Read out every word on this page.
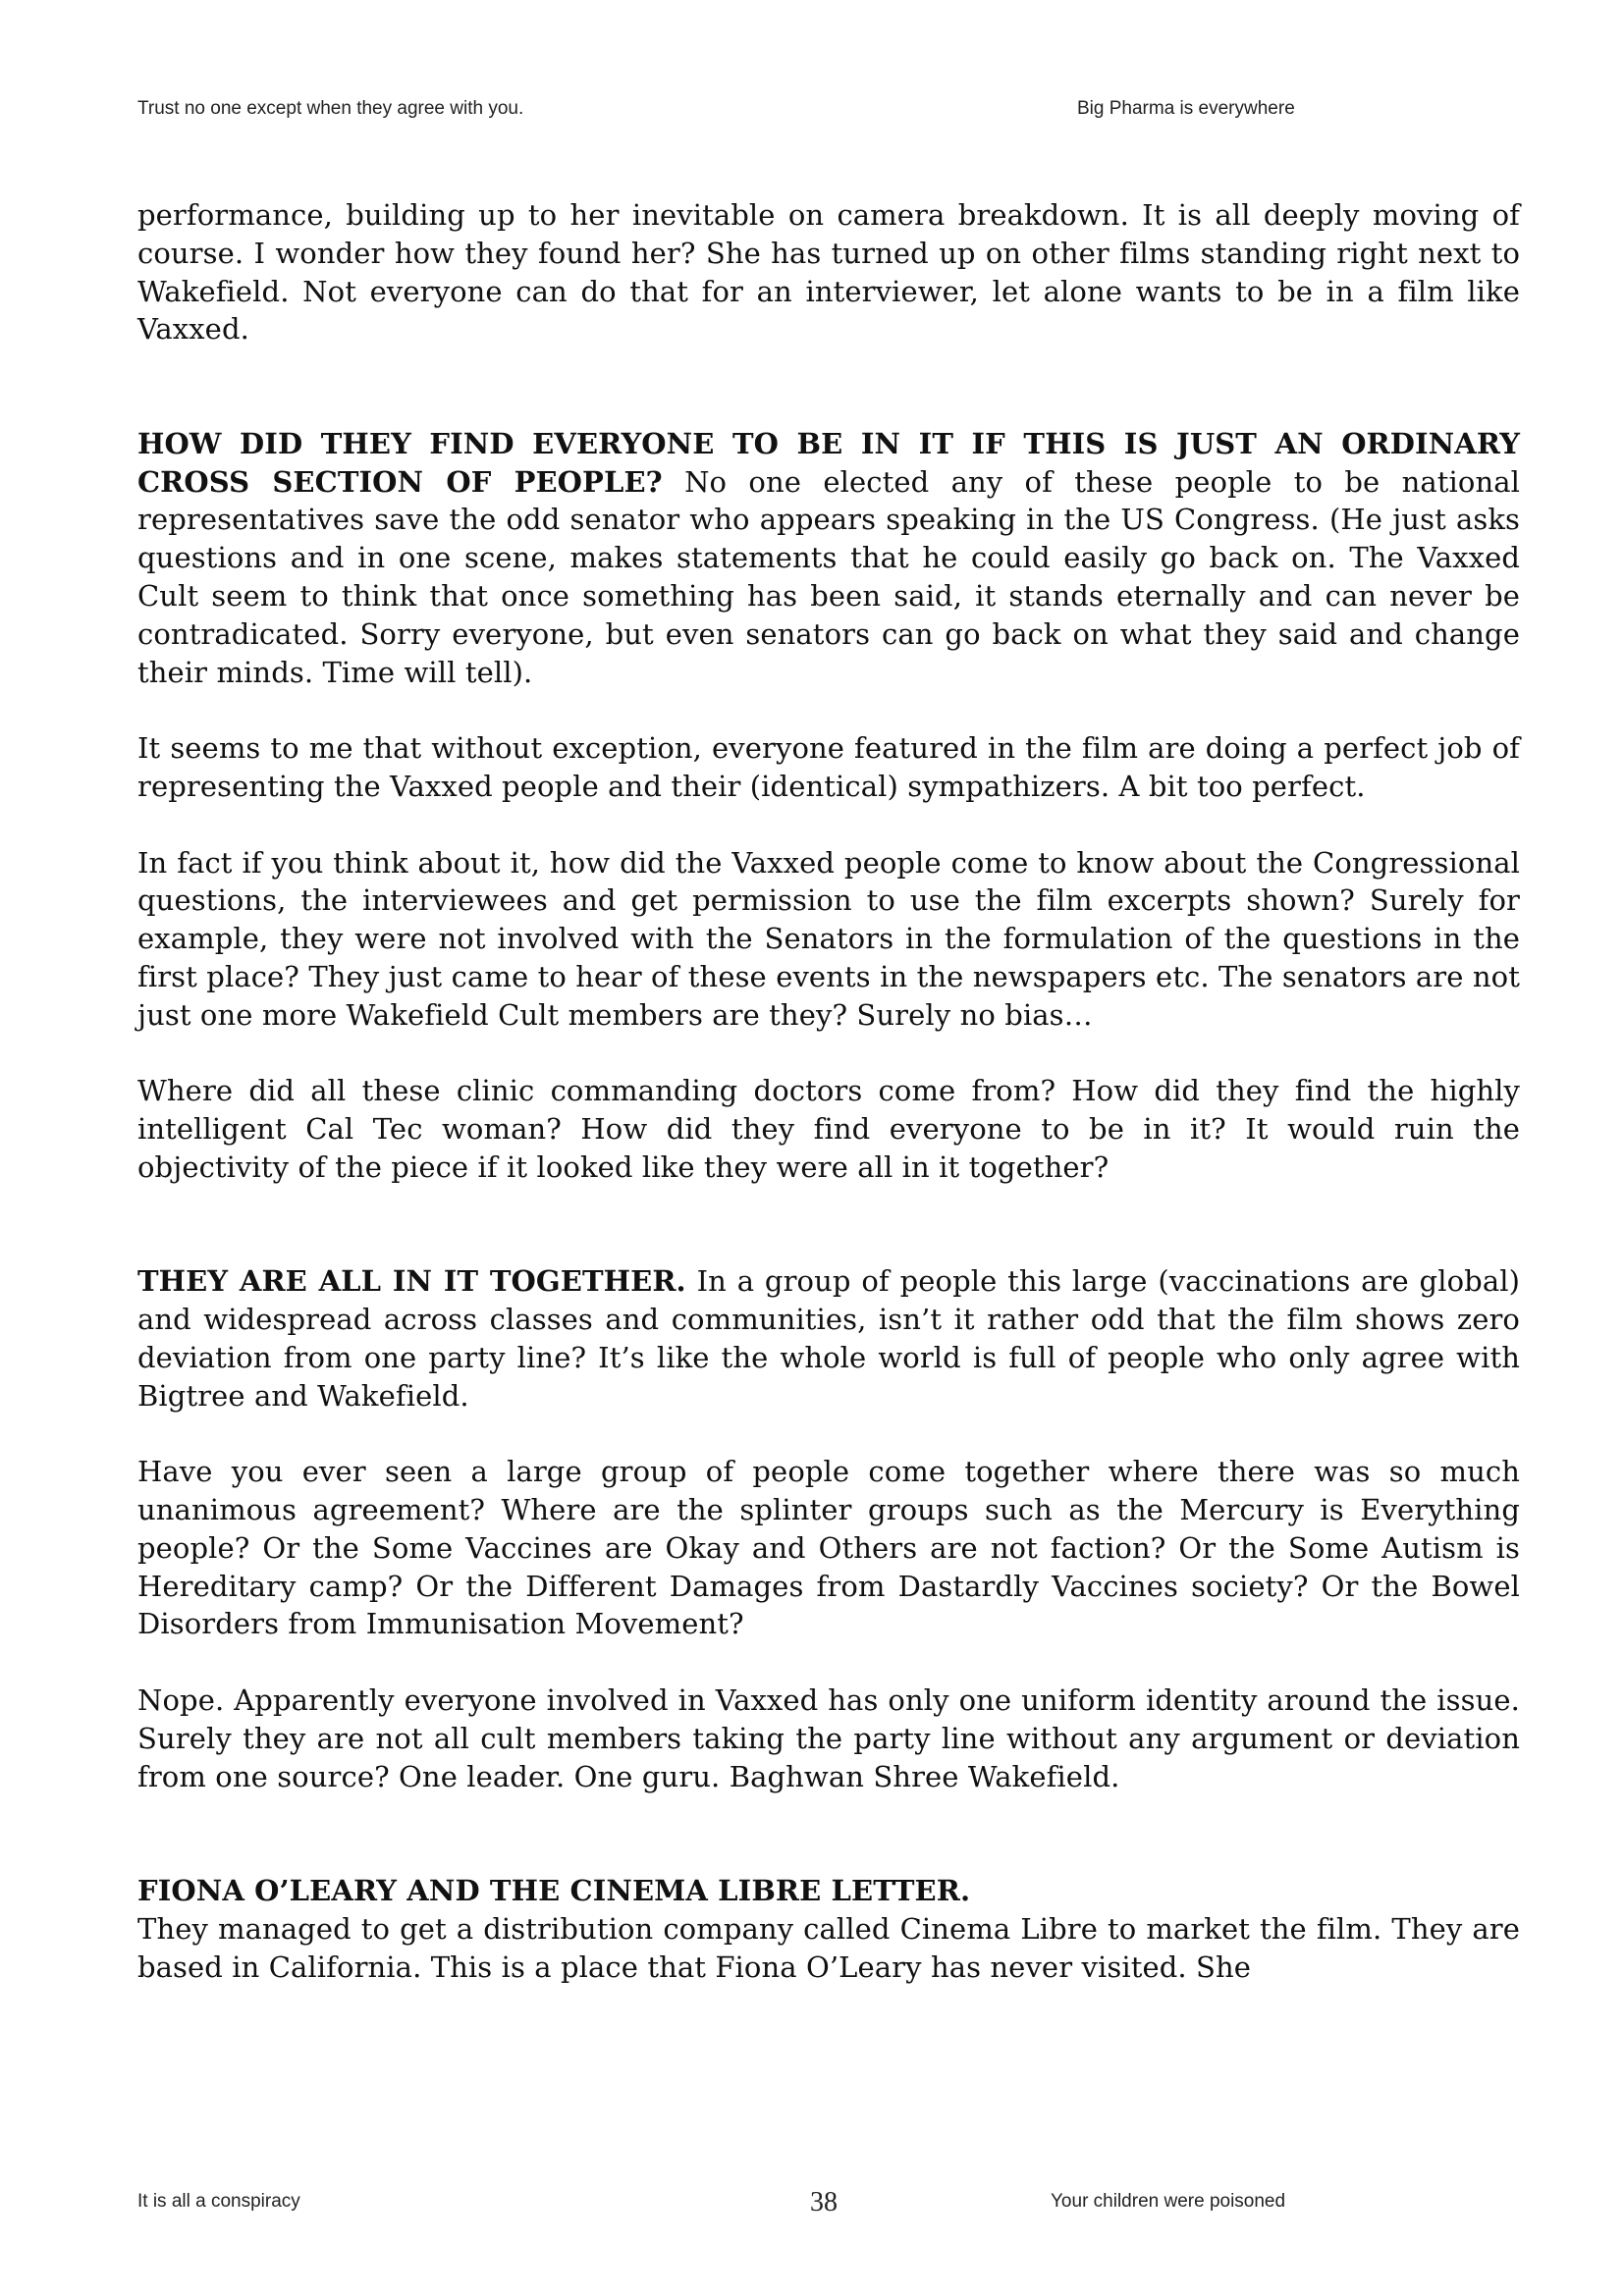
Trust no one except when they agree with you.	Big Pharma is everywhere

performance, building up to her inevitable on camera breakdown. It is all deeply moving of course. I wonder how they found her? She has turned up on other films standing right next to Wakefield. Not everyone can do that for an interviewer, let alone wants to be in a film like Vaxxed.

HOW DID THEY FIND EVERYONE TO BE IN IT IF THIS IS JUST AN ORDINARY CROSS SECTION OF PEOPLE? No one elected any of these people to be national representatives save the odd senator who appears speaking in the US Congress. (He just asks questions and in one scene, makes statements that he could easily go back on. The Vaxxed Cult seem to think that once something has been said, it stands eternally and can never be contradicated. Sorry everyone, but even senators can go back on what they said and change their minds. Time will tell).

It seems to me that without exception, everyone featured in the film are doing a perfect job of representing the Vaxxed people and their (identical) sympathizers. A bit too perfect.

In fact if you think about it, how did the Vaxxed people come to know about the Congressional questions, the interviewees and get permission to use the film excerpts shown? Surely for example, they were not involved with the Senators in the formulation of the questions in the first place? They just came to hear of these events in the newspapers etc. The senators are not just one more Wakefield Cult members are they? Surely no bias…

Where did all these clinic commanding doctors come from? How did they find the highly intelligent Cal Tec woman? How did they find everyone to be in it? It would ruin the objectivity of the piece if it looked like they were all in it together?

THEY ARE ALL IN IT TOGETHER. In a group of people this large (vaccinations are global) and widespread across classes and communities, isn’t it rather odd that the film shows zero deviation from one party line? It’s like the whole world is full of people who only agree with Bigtree and Wakefield.

Have you ever seen a large group of people come together where there was so much unanimous agreement? Where are the splinter groups such as the Mercury is Everything people? Or the Some Vaccines are Okay and Others are not faction? Or the Some Autism is Hereditary camp? Or the Different Damages from Dastardly Vaccines society? Or the Bowel Disorders from Immunisation Movement?

Nope. Apparently everyone involved in Vaxxed has only one uniform identity around the issue. Surely they are not all cult members taking the party line without any argument or deviation from one source? One leader. One guru. Baghwan Shree Wakefield.

FIONA O’LEARY AND THE CINEMA LIBRE LETTER.

They managed to get a distribution company called Cinema Libre to market the film. They are based in California. This is a place that Fiona O’Leary has never visited. She

It is all a conspiracy	38	Your children were poisoned
